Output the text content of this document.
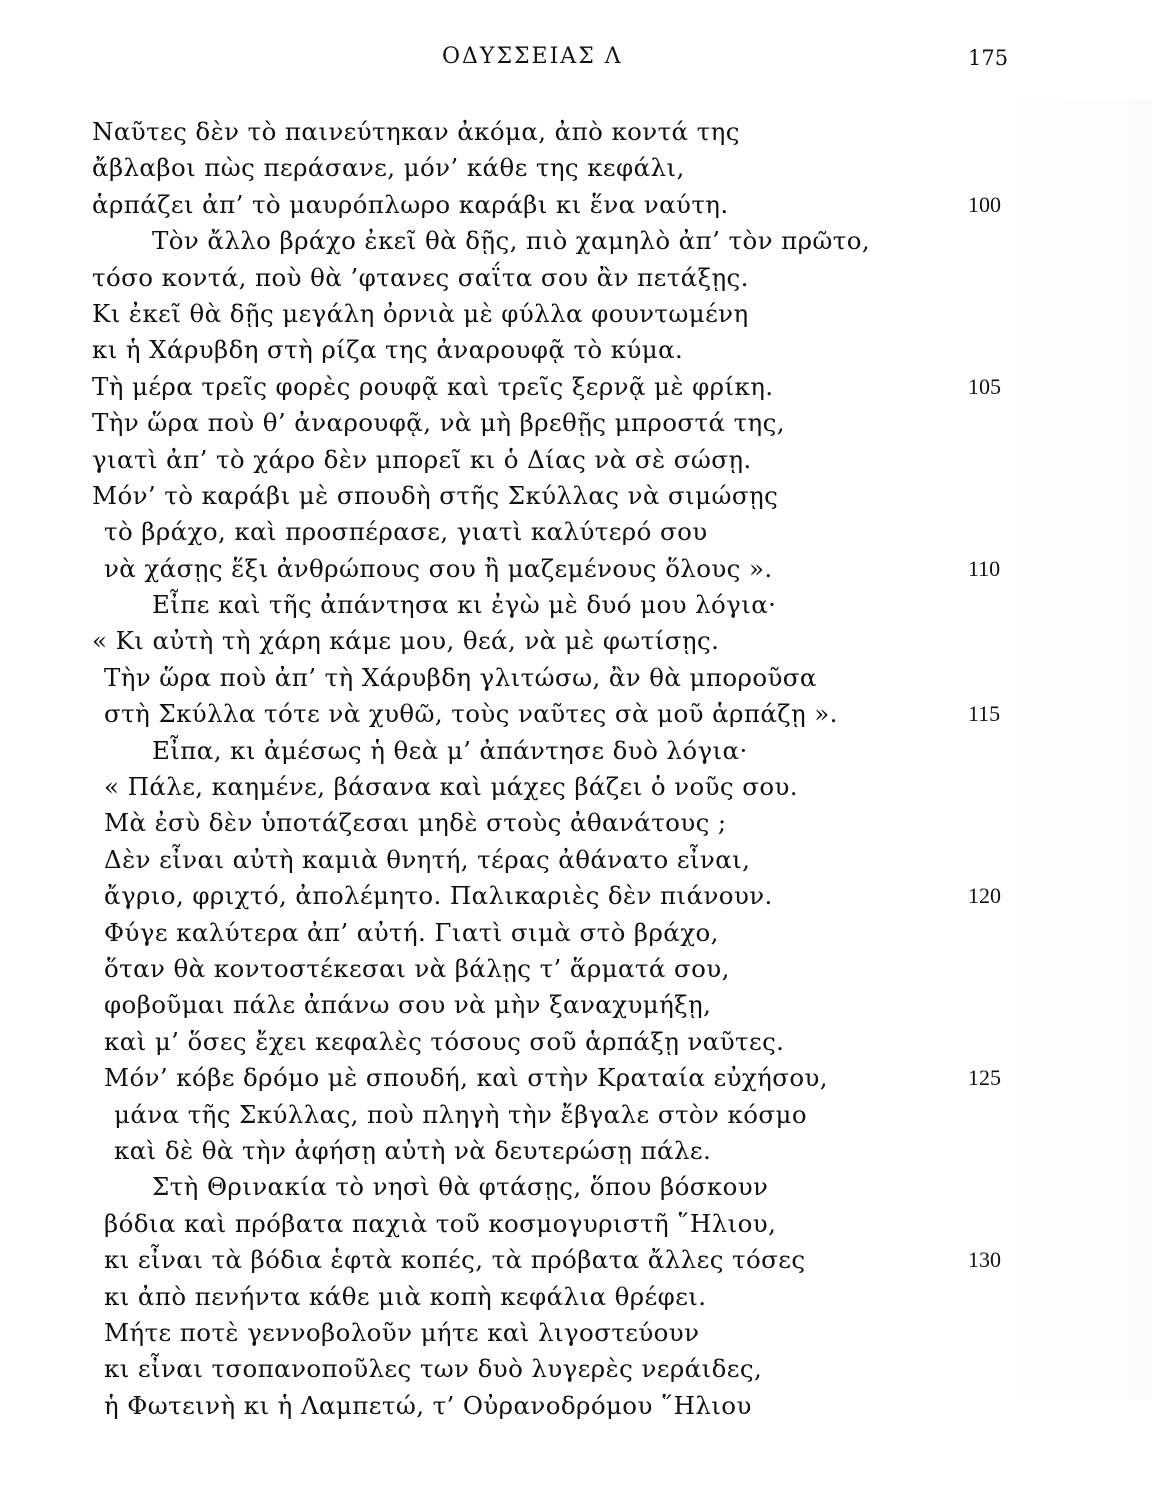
ΟΔΥΣΣΕΙΑΣ Λ	175
Ναῦτες δὲν τὸ παινεύτηκαν ἀκόμα, ἀπὸ κοντά της
ἄβλαβοι πὼς περάσανε, μόν’ κάθε της κεφάλι,
ἁρπάζει ἀπ’ τὸ μαυρόπλωρο καράβι κι ἕνα ναύτη.	100
Τὸν ἄλλο βράχο ἐκεῖ θὰ δῇς, πιὸ χαμηλὸ ἀπ’ τὸν πρῶτο,
τόσο κοντά, ποὺ θὰ ’φτανες σαΐτα σου ἂν πετάξῃς.
Κι ἐκεῖ θὰ δῇς μεγάλη ὀρνιὰ μὲ φύλλα φουντωμένη
κι ἡ Χάρυβδη στὴ ρίζα της ἀναρουφᾷ τὸ κύμα.
Τὴ μέρα τρεῖς φορὲς ρουφᾷ καὶ τρεῖς ξερνᾷ μὲ φρίκη.	105
Τὴν ὥρα ποὺ θ’ ἀναρουφᾷ, νὰ μὴ βρεθῇς μπροστά της,
γιατὶ ἀπ’ τὸ χάρο δὲν μπορεῖ κι ὁ Δίας νὰ σὲ σώσῃ.
Μόν’ τὸ καράβι μὲ σπουδὴ στῆς Σκύλλας νὰ σιμώσῃς
τὸ βράχο, καὶ προσπέρασε, γιατὶ καλύτερό σου
νὰ χάσῃς ἕξι ἀνθρώπους σου ἢ μαζεμένους ὅλους ».	110
Εἶπε καὶ τῆς ἀπάντησα κι ἐγὼ μὲ δυό μου λόγια·
« Κι αὐτὴ τὴ χάρη κάμε μου, θεά, νὰ μὲ φωτίσῃς.
Τὴν ὥρα ποὺ ἀπ’ τὴ Χάρυβδη γλιτώσω, ἂν θὰ μποροῦσα
στὴ Σκύλλα τότε νὰ χυθῶ, τοὺς ναῦτες σὰ μοῦ ἁρπάζῃ ».	115
Εἶπα, κι ἀμέσως ἡ θεὰ μ’ ἀπάντησε δυὸ λόγια·
« Πάλε, καημένε, βάσανα καὶ μάχες βάζει ὁ νοῦς σου.
Μὰ ἐσὺ δὲν ὑποτάζεσαι μηδὲ στοὺς ἀθανάτους ;
Δὲν εἶναι αὐτὴ καμιὰ θνητή, τέρας ἀθάνατο εἶναι,
ἄγριο, φριχτό, ἀπολέμητο. Παλικαριὲς δὲν πιάνουν.	120
Φύγε καλύτερα ἀπ’ αὐτή. Γιατὶ σιμὰ στὸ βράχο,
ὅταν θὰ κοντοστέκεσαι νὰ βάλῃς τ’ ἅρματά σου,
φοβοῦμαι πάλε ἀπάνω σου νὰ μὴν ξαναχυμήξῃ,
καὶ μ’ ὅσες ἔχει κεφαλὲς τόσους σοῦ ἁρπάξῃ ναῦτες.
Μόν’ κόβε δρόμο μὲ σπουδή, καὶ στὴν Κραταία εὐχήσου,	125
μάνα τῆς Σκύλλας, ποὺ πληγὴ τὴν ἔβγαλε στὸν κόσμο
καὶ δὲ θὰ τὴν ἀφήσῃ αὐτὴ νὰ δευτερώσῃ πάλε.
Στὴ Θρινακία τὸ νησὶ θὰ φτάσῃς, ὅπου βόσκουν
βόδια καὶ πρόβατα παχιὰ τοῦ κοσμογυριστῆ ῞Ηλιου,
κι εἶναι τὰ βόδια ἑφτὰ κοπές, τὰ πρόβατα ἄλλες τόσες	130
κι ἀπὸ πενήντα κάθε μιὰ κοπὴ κεφάλια θρέφει.
Μήτε ποτὲ γεννοβολοῦν μήτε καὶ λιγοστεύουν
κι εἶναι τσοπανοποῦλες των δυὸ λυγερὲς νεράιδες,
ἡ Φωτεινὴ κι ἡ Λαμπετώ, τ’ Οὐρανοδρόμου ῞Ηλιου
